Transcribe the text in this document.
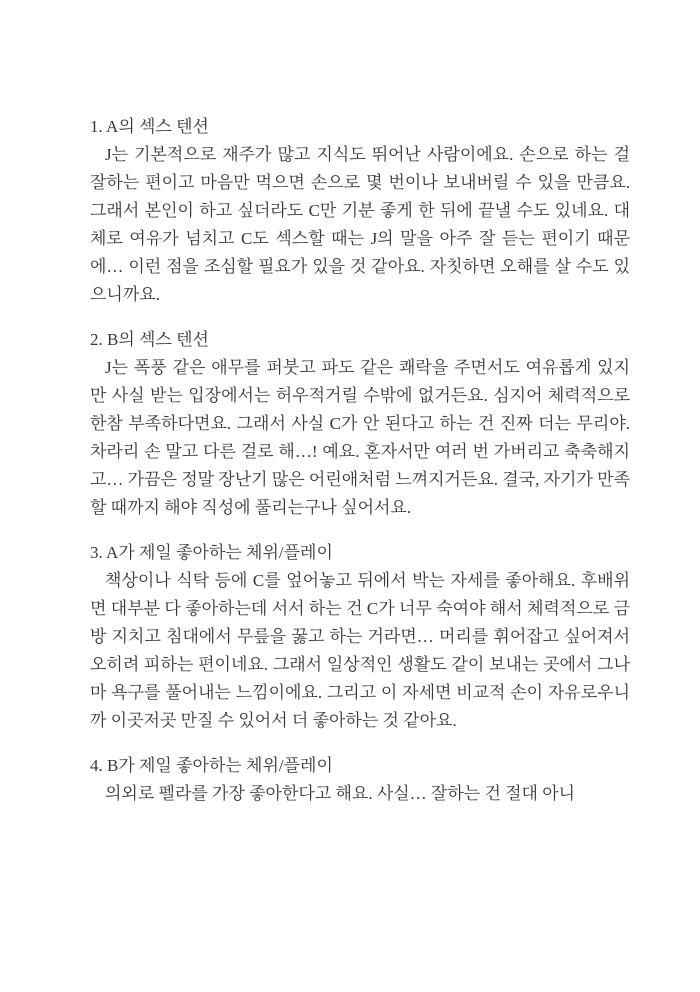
1. A의 섹스 텐션

J는 기본적으로 재주가 많고 지식도 뛰어난 사람이에요. 손으로 하는 걸 잘하는 편이고 마음만 먹으면 손으로 몇 번이나 보내버릴 수 있을 만큼요. 그래서 본인이 하고 싶더라도 C만 기분 좋게 한 뒤에 끝낼 수도 있네요. 대체로 여유가 넘치고 C도 섹스할 때는 J의 말을 아주 잘 듣는 편이기 때문에… 이런 점을 조심할 필요가 있을 것 같아요. 자칫하면 오해를 살 수도 있으니까요.

2. B의 섹스 텐션

J는 폭풍 같은 애무를 퍼붓고 파도 같은 쾌락을 주면서도 여유롭게 있지만 사실 받는 입장에서는 허우적거릴 수밖에 없거든요. 심지어 체력적으로 한참 부족하다면요. 그래서 사실 C가 안 된다고 하는 건 진짜 더는 무리야. 차라리 손 말고 다른 걸로 해…! 예요. 혼자서만 여러 번 가버리고 축축해지고… 가끔은 정말 장난기 많은 어린애처럼 느껴지거든요. 결국, 자기가 만족할 때까지 해야 직성에 풀리는구나 싶어서요.

3. A가 제일 좋아하는 체위/플레이

책상이나 식탁 등에 C를 엎어놓고 뒤에서 박는 자세를 좋아해요. 후배위면 대부분 다 좋아하는데 서서 하는 건 C가 너무 숙여야 해서 체력적으로 금방 지치고 침대에서 무릎을 꿇고 하는 거라면… 머리를 휘어잡고 싶어져서 오히려 피하는 편이네요. 그래서 일상적인 생활도 같이 보내는 곳에서 그나마 욕구를 풀어내는 느낌이에요. 그리고 이 자세면 비교적 손이 자유로우니까 이곳저곳 만질 수 있어서 더 좋아하는 것 같아요.

4. B가 제일 좋아하는 체위/플레이

의외로 펠라를 가장 좋아한다고 해요. 사실… 잘하는 건 절대 아니
